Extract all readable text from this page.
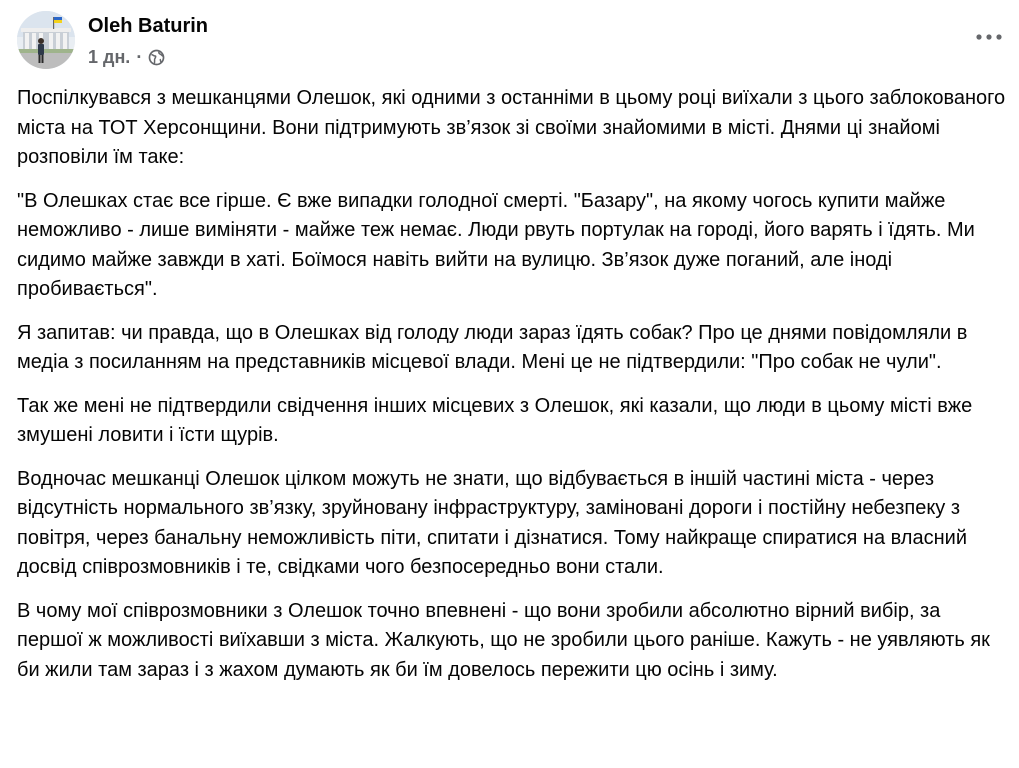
Oleh Baturin
1 дн. ·

Поспілкувався з мешканцями Олешок, які одними з останніми в цьому році виїхали з цього заблокованого міста на ТОТ Херсонщини. Вони підтримують зв’язок зі своїми знайомими в місті. Днями ці знайомі розповіли їм таке:

"В Олешках стає все гірше. Є вже випадки голодної смерті. "Базару", на якому чогось купити майже неможливо - лише виміняти - майже теж немає. Люди рвуть портулак на городі, його варять і їдять. Ми сидимо майже завжди в хаті. Боїмося навіть вийти на вулицю. Зв’язок дуже поганий, але іноді пробивається".

Я запитав: чи правда, що в Олешках від голоду люди зараз їдять собак? Про це днями повідомляли в медіа з посиланням на представників місцевої влади. Мені це не підтвердили: "Про собак не чули".

Так же мені не підтвердили свідчення інших місцевих з Олешок, які казали, що люди в цьому місті вже змушені ловити і їсти щурів.

Водночас мешканці Олешок цілком можуть не знати, що відбувається в іншій частині міста - через відсутність нормального зв’язку, зруйновану інфраструктуру, заміновані дороги і постійну небезпеку з повітря, через банальну неможливість піти, спитати і дізнатися. Тому найкраще спиратися на власний досвід співрозмовників і те, свідками чого безпосередньо вони стали.

В чому мої співрозмовники з Олешок точно впевнені - що вони зробили абсолютно вірний вибір, за першої ж можливості виїхавши з міста. Жалкують, що не зробили цього раніше. Кажуть - не уявляють як би жили там зараз і з жахом думають як би їм довелось пережити цю осінь і зиму.
